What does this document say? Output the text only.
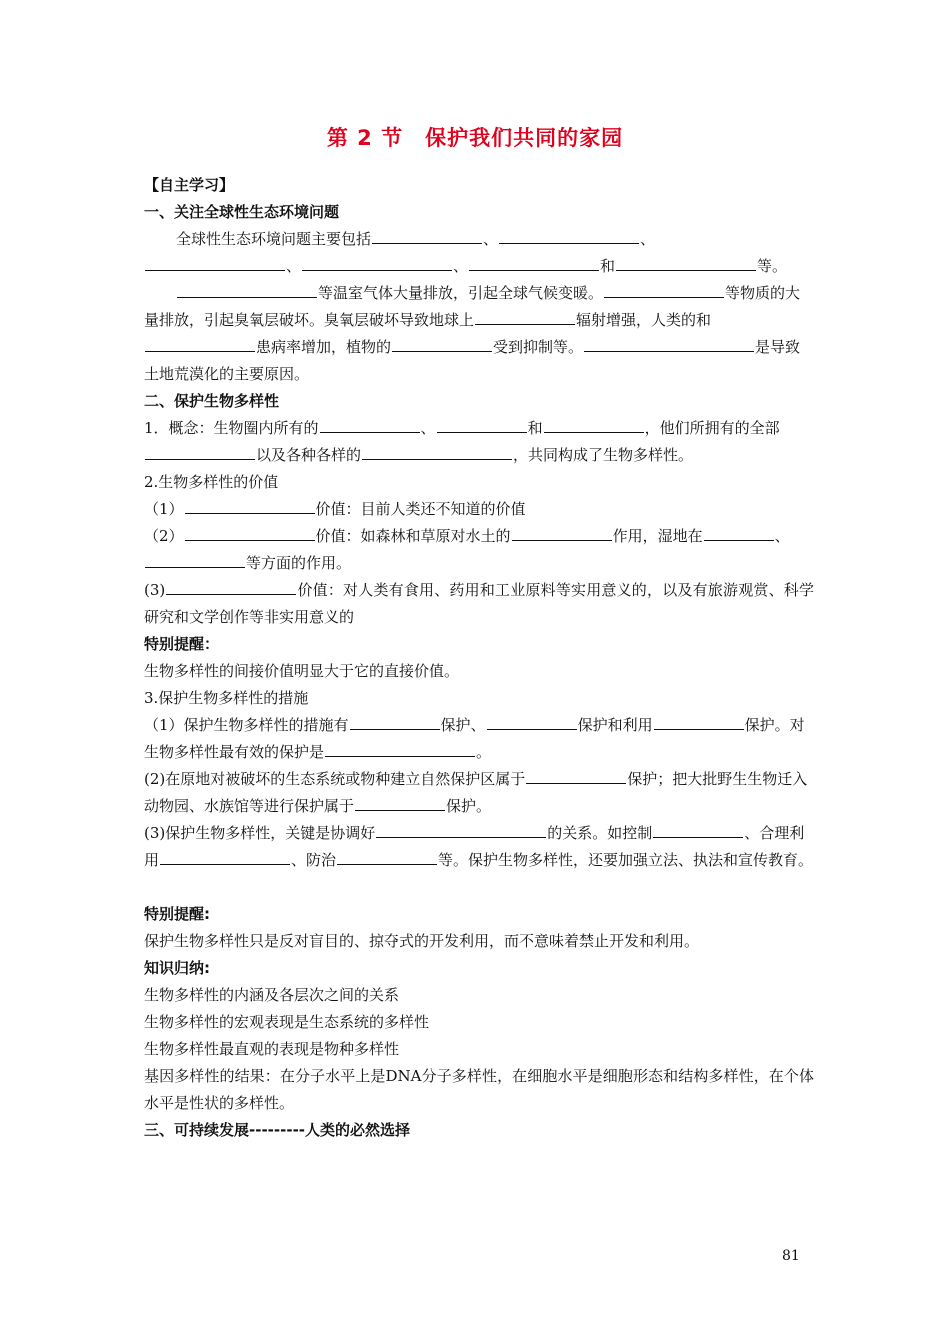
第 2 节　保护我们共同的家园

【自主学习】

一、关注全球性生态环境问题

全球性生态环境问题主要包括	、	、

、	、	和	等。

等温室气体大量排放，引起全球气候变暖。	等物质的大量排放，引起臭氧层破坏。臭氧层破坏导致地球上	辐射增强，人类的和患病率增加，植物的	受到抑制等。	是导致土地荒漠化的主要原因。

二、保护生物多样性

1．概念：生物圈内所有的	、	和	，他们所拥有的全部以及各种各样的	，共同构成了生物多样性。

2.生物多样性的价值

（1）	价值：目前人类还不知道的价值

（2）	价值：如森林和草原对水土的	作用，湿地在	、等方面的作用。

(3)	价值：对人类有食用、药用和工业原料等实用意义的，以及有旅游观赏、科学研究和文学创作等非实用意义的

特别提醒：

生物多样性的间接价值明显大于它的直接价值。

3.保护生物多样性的措施

（1）保护生物多样性的措施有	保护、	保护和利用	保护。对生物多样性最有效的保护是	。

(2)在原地对被破坏的生态系统或物种建立自然保护区属于	保护；把大批野生生物迁入动物园、水族馆等进行保护属于	保护。

(3)保护生物多样性，关键是协调好	的关系。如控制	、合理利用	、防治	等。保护生物多样性，还要加强立法、执法和宣传教育。

特别提醒:

保护生物多样性只是反对盲目的、掠夺式的开发利用，而不意味着禁止开发和利用。

知识归纳:

生物多样性的内涵及各层次之间的关系

生物多样性的宏观表现是生态系统的多样性

生物多样性最直观的表现是物种多样性

基因多样性的结果：在分子水平上是DNA分子多样性，在细胞水平是细胞形态和结构多样性，在个体水平是性状的多样性。

三、可持续发展---------人类的必然选择

81
